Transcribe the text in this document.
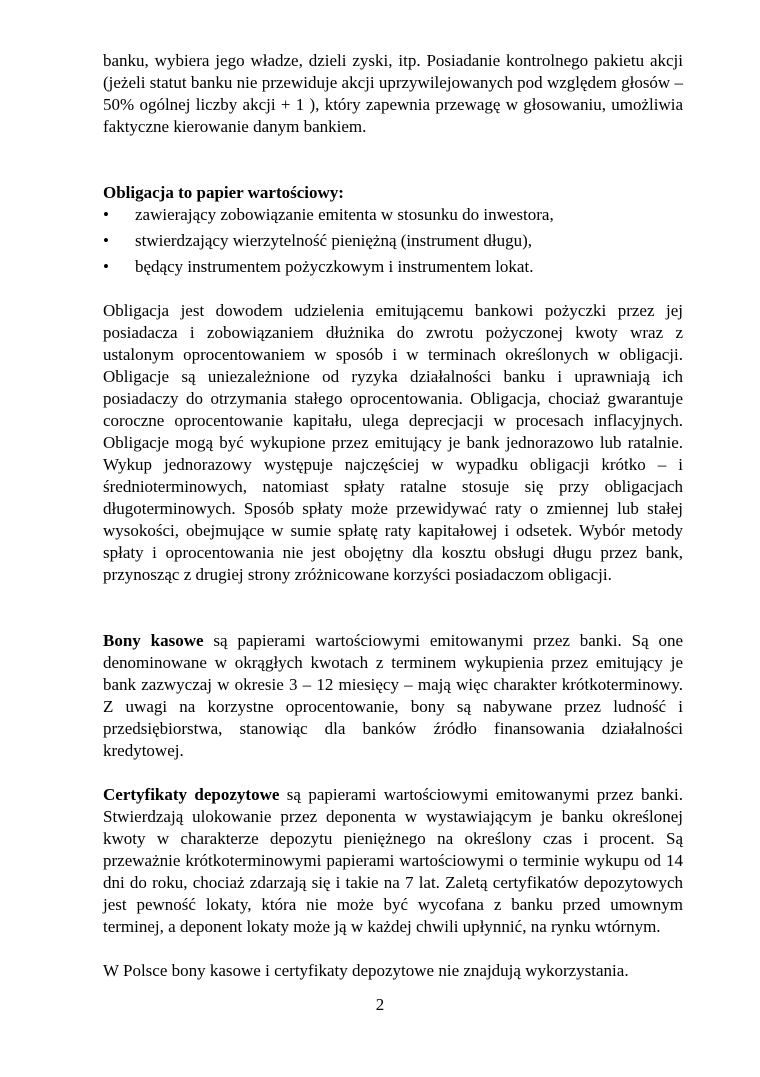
banku, wybiera jego władze, dzieli zyski, itp. Posiadanie kontrolnego pakietu akcji (jeżeli statut banku nie przewiduje akcji uprzywilejowanych pod względem głosów – 50% ogólnej liczby akcji + 1 ), który zapewnia przewagę w głosowaniu, umożliwia faktyczne kierowanie danym bankiem.

Obligacja to papier wartościowy:

• zawierający zobowiązanie emitenta w stosunku do inwestora,
• stwierdzający wierzytelność pieniężną (instrument długu),
• będący instrumentem pożyczkowym i instrumentem lokat.

Obligacja jest dowodem udzielenia emitującemu bankowi pożyczki przez jej posiadacza i zobowiązaniem dłużnika do zwrotu pożyczonej kwoty wraz z ustalonym oprocentowaniem w sposób i w terminach określonych w obligacji. Obligacje są uniezależnione od ryzyka działalności banku i uprawniają ich posiadaczy do otrzymania stałego oprocentowania. Obligacja, chociaż gwarantuje coroczne oprocentowanie kapitału, ulega deprecjacji w procesach inflacyjnych. Obligacje mogą być wykupione przez emitujący je bank jednorazowo lub ratalnie. Wykup jednorazowy występuje najczęściej w wypadku obligacji krótko – i średnioterminowych, natomiast spłaty ratalne stosuje się przy obligacjach długoterminowych. Sposób spłaty może przewidywać raty o zmiennej lub stałej wysokości, obejmujące w sumie spłatę raty kapitałowej i odsetek. Wybór metody spłaty i oprocentowania nie jest obojętny dla kosztu obsługi długu przez bank, przynosząc z drugiej strony zróżnicowane korzyści posiadaczom obligacji.

Bony kasowe są papierami wartościowymi emitowanymi przez banki. Są one denominowane w okrągłych kwotach z terminem wykupienia przez emitujący je bank zazwyczaj w okresie 3 – 12 miesięcy – mają więc charakter krótkoterminowy. Z uwagi na korzystne oprocentowanie, bony są nabywane przez ludność i przedsiębiorstwa, stanowiąc dla banków źródło finansowania działalności kredytowej.

Certyfikaty depozytowe są papierami wartościowymi emitowanymi przez banki. Stwierdzają ulokowanie przez deponenta w wystawiającym je banku określonej kwoty w charakterze depozytu pieniężnego na określony czas i procent. Są przeważnie krótkoterminowymi papierami wartościowymi o terminie wykupu od 14 dni do roku, chociaż zdarzają się i takie na 7 lat. Zaletą certyfikatów depozytowych jest pewność lokaty, która nie może być wycofana z banku przed umownym terminej, a deponent lokaty może ją w każdej chwili upłynnić, na rynku wtórnym.

W Polsce bony kasowe i certyfikaty depozytowe nie znajdują wykorzystania.

2
